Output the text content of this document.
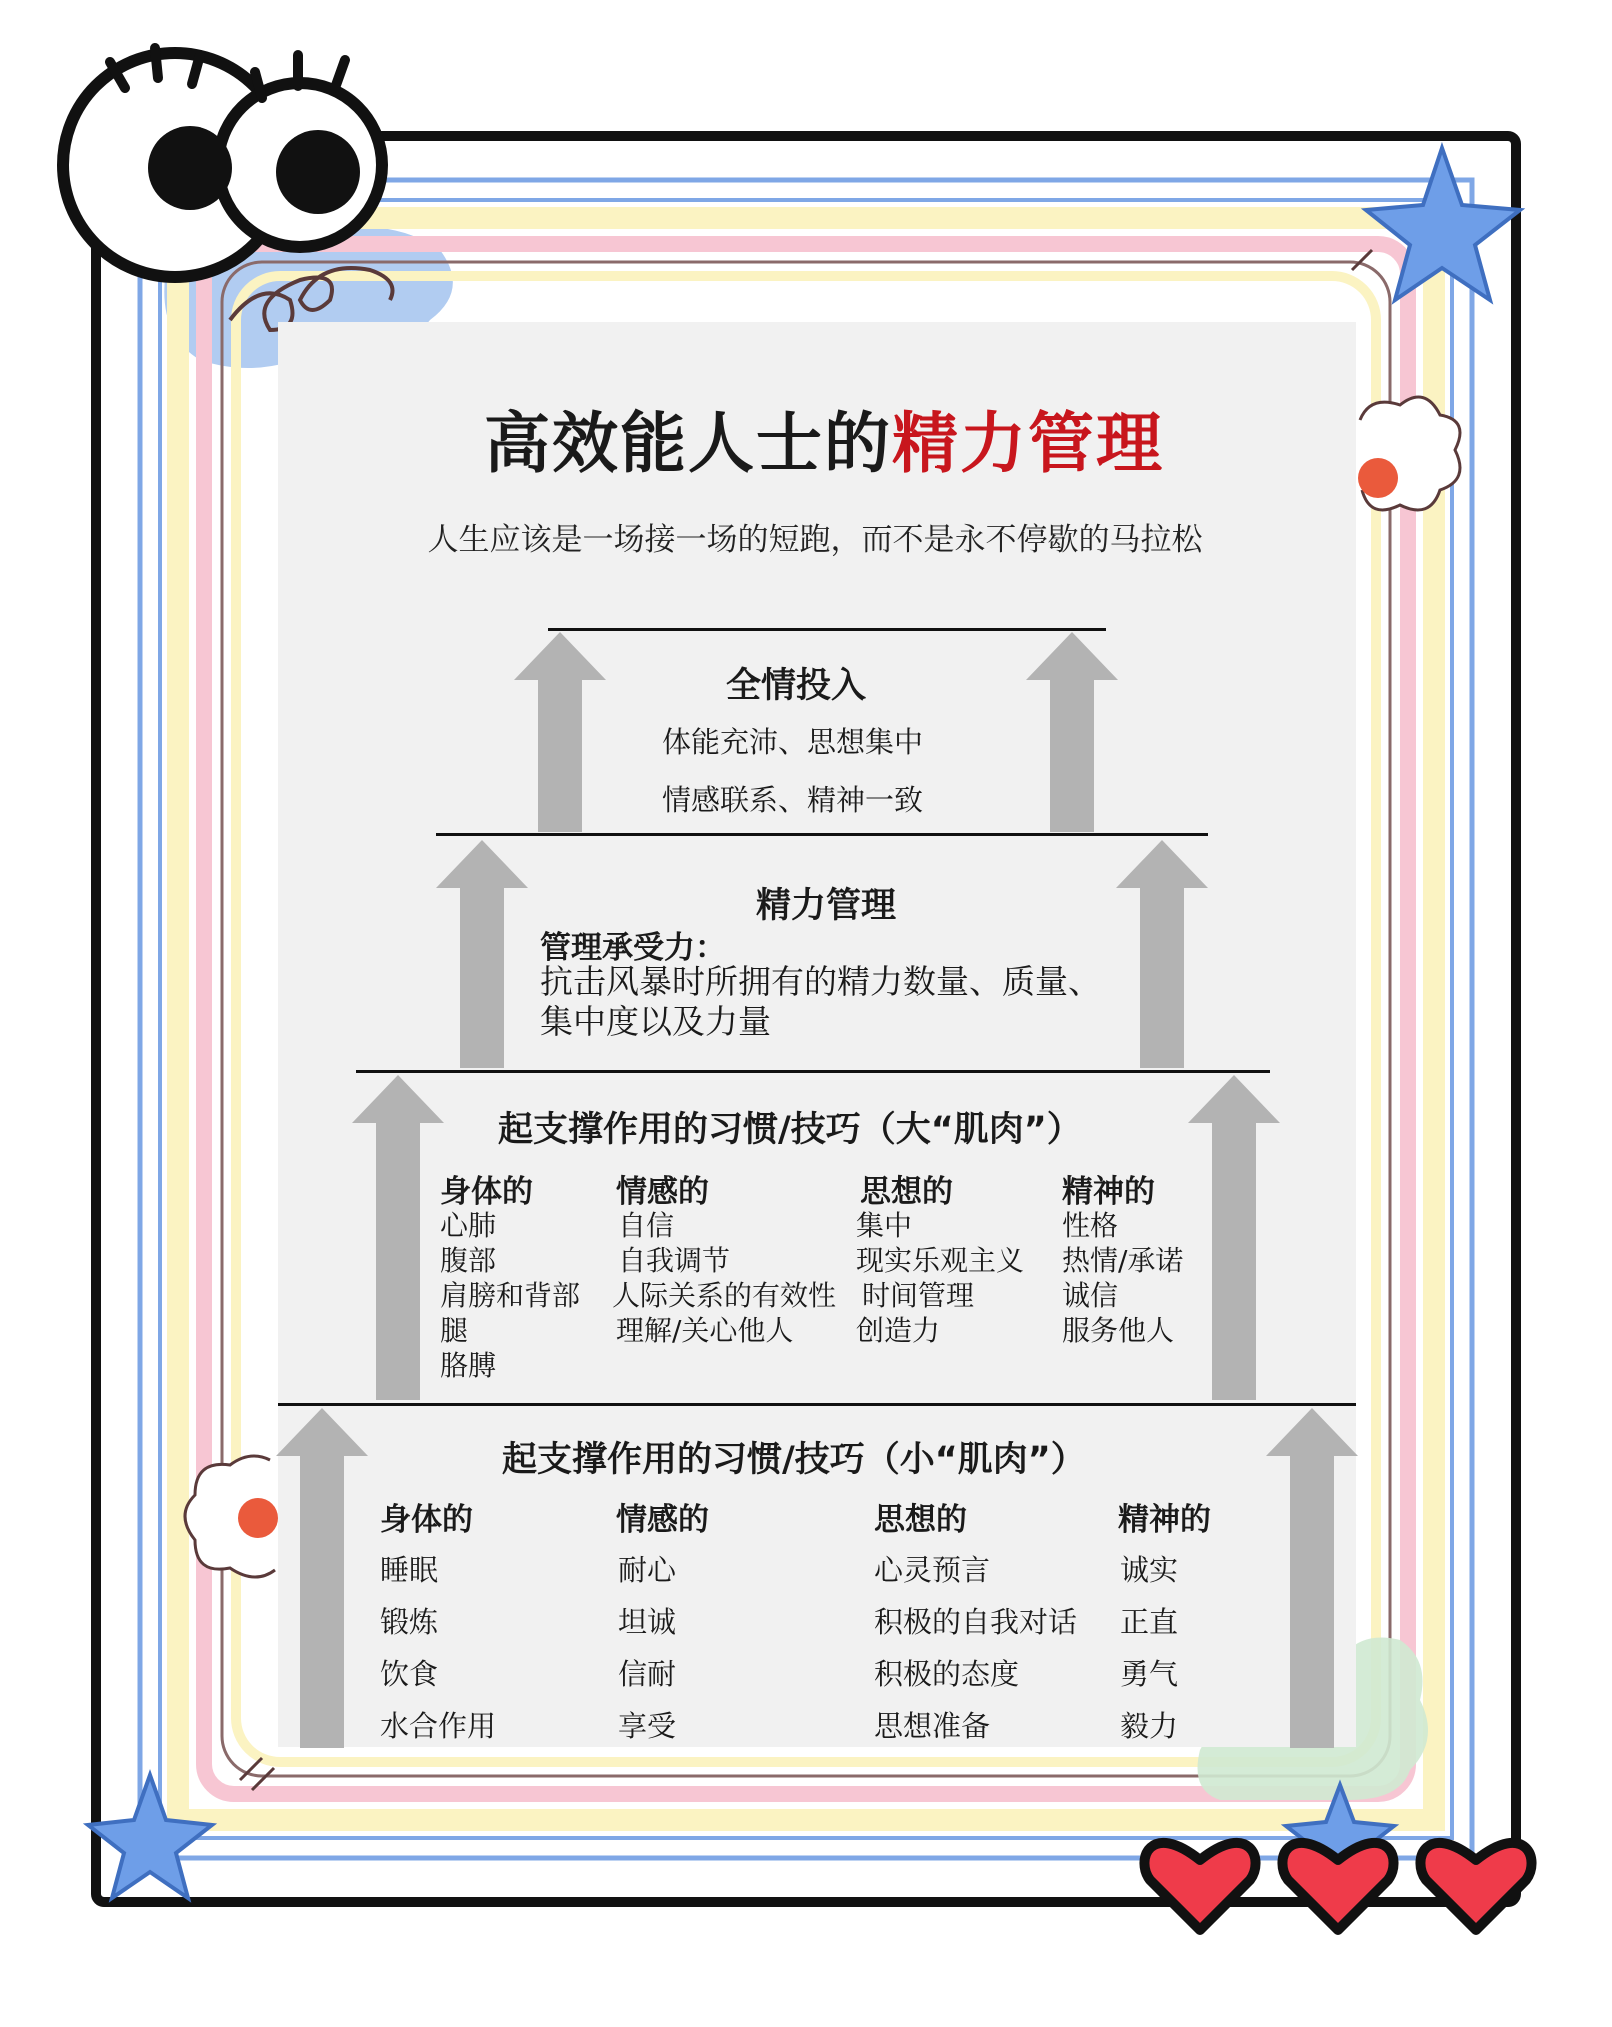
高效能人士的精力管理
人生应该是一场接一场的短跑，而不是永不停歇的马拉松
全情投入
体能充沛、思想集中
情感联系、精神一致
精力管理
管理承受力：
抗击风暴时所拥有的精力数量、质量、
集中度以及力量
起支撑作用的习惯/技巧（大“肌肉”）
身体的
心肺
腹部
肩膀和背部
腿
胳膊
情感的
自信
自我调节
人际关系的有效性
理解/关心他人
思想的
集中
现实乐观主义
时间管理
创造力
精神的
性格
热情/承诺
诚信
服务他人
起支撑作用的习惯/技巧（小“肌肉”）
身体的
睡眠
锻炼
饮食
水合作用
情感的
耐心
坦诚
信耐
享受
思想的
心灵预言
积极的自我对话
积极的态度
思想准备
精神的
诚实
正直
勇气
毅力
